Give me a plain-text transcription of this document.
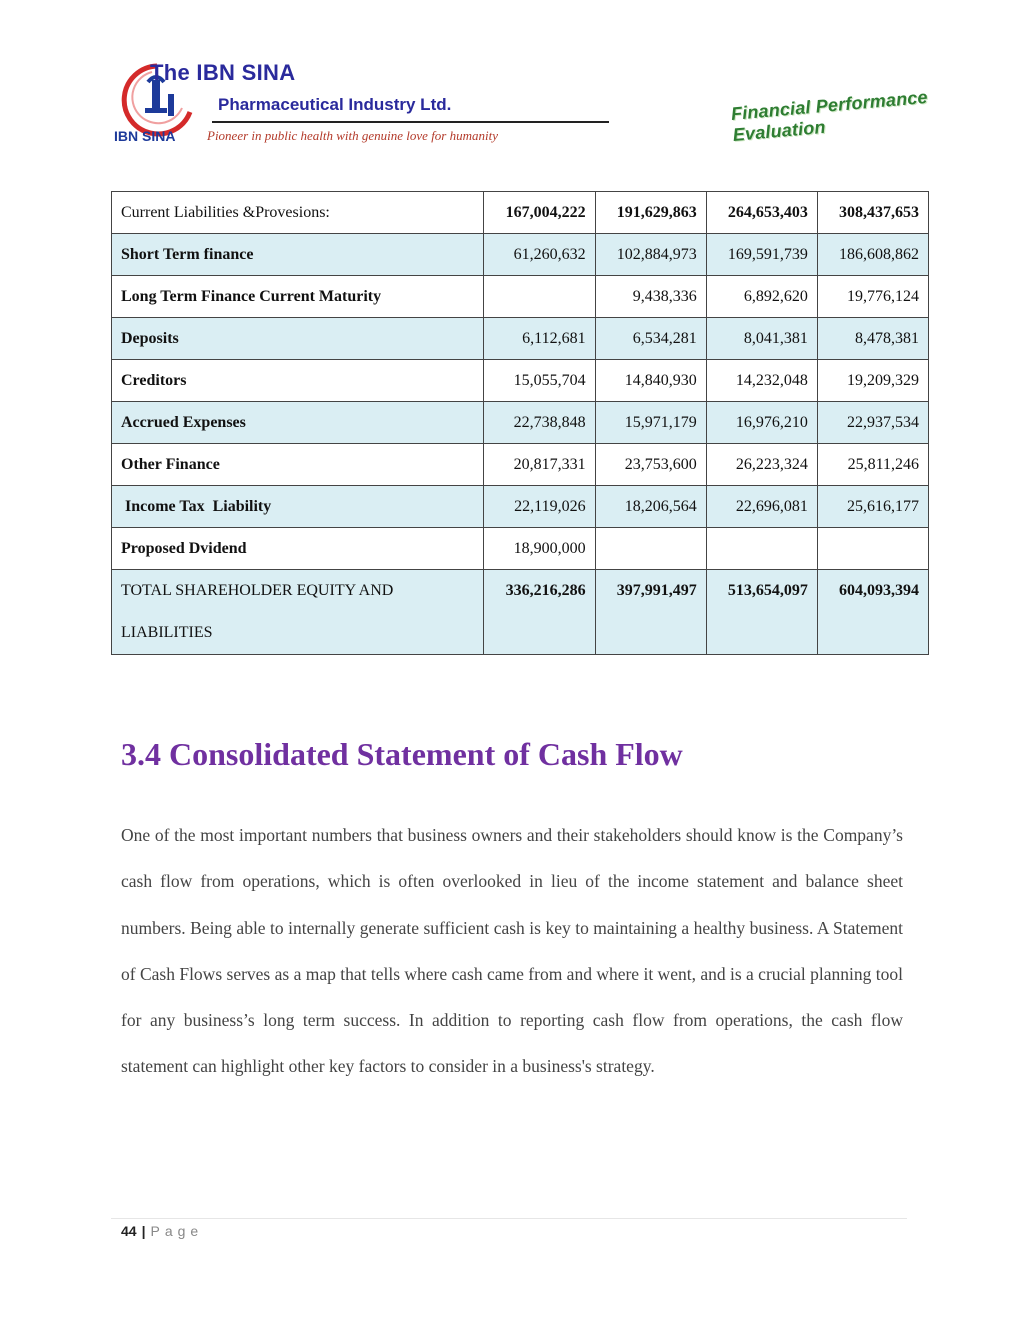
The IBN SINA
Pharmaceutical Industry Ltd.
IBN SINA Pioneer in public health with genuine love for humanity
Financial Performance Evaluation
Current Liabilities &Provesions:	167,004,222	191,629,863	264,653,403	308,437,653
Short Term finance	61,260,632	102,884,973	169,591,739	186,608,862
Long Term Finance Current Maturity		9,438,336	6,892,620	19,776,124
Deposits	6,112,681	6,534,281	8,041,381	8,478,381
Creditors	15,055,704	14,840,930	14,232,048	19,209,329
Accrued Expenses	22,738,848	15,971,179	16,976,210	22,937,534
Other Finance	20,817,331	23,753,600	26,223,324	25,811,246
Income Tax  Liability	22,119,026	18,206,564	22,696,081	25,616,177
Proposed Dvidend	18,900,000			
TOTAL SHAREHOLDER EQUITY AND LIABILITIES	336,216,286	397,991,497	513,654,097	604,093,394
3.4 Consolidated Statement of Cash Flow

One of the most important numbers that business owners and their stakeholders should know is the Company’s cash flow from operations, which is often overlooked in lieu of the income statement and balance sheet numbers. Being able to internally generate sufficient cash is key to maintaining a healthy business. A Statement of Cash Flows serves as a map that tells where cash came from and where it went, and is a crucial planning tool for any business’s long term success. In addition to reporting cash flow from operations, the cash flow statement can highlight other key factors to consider in a business's strategy.

44 | Page
